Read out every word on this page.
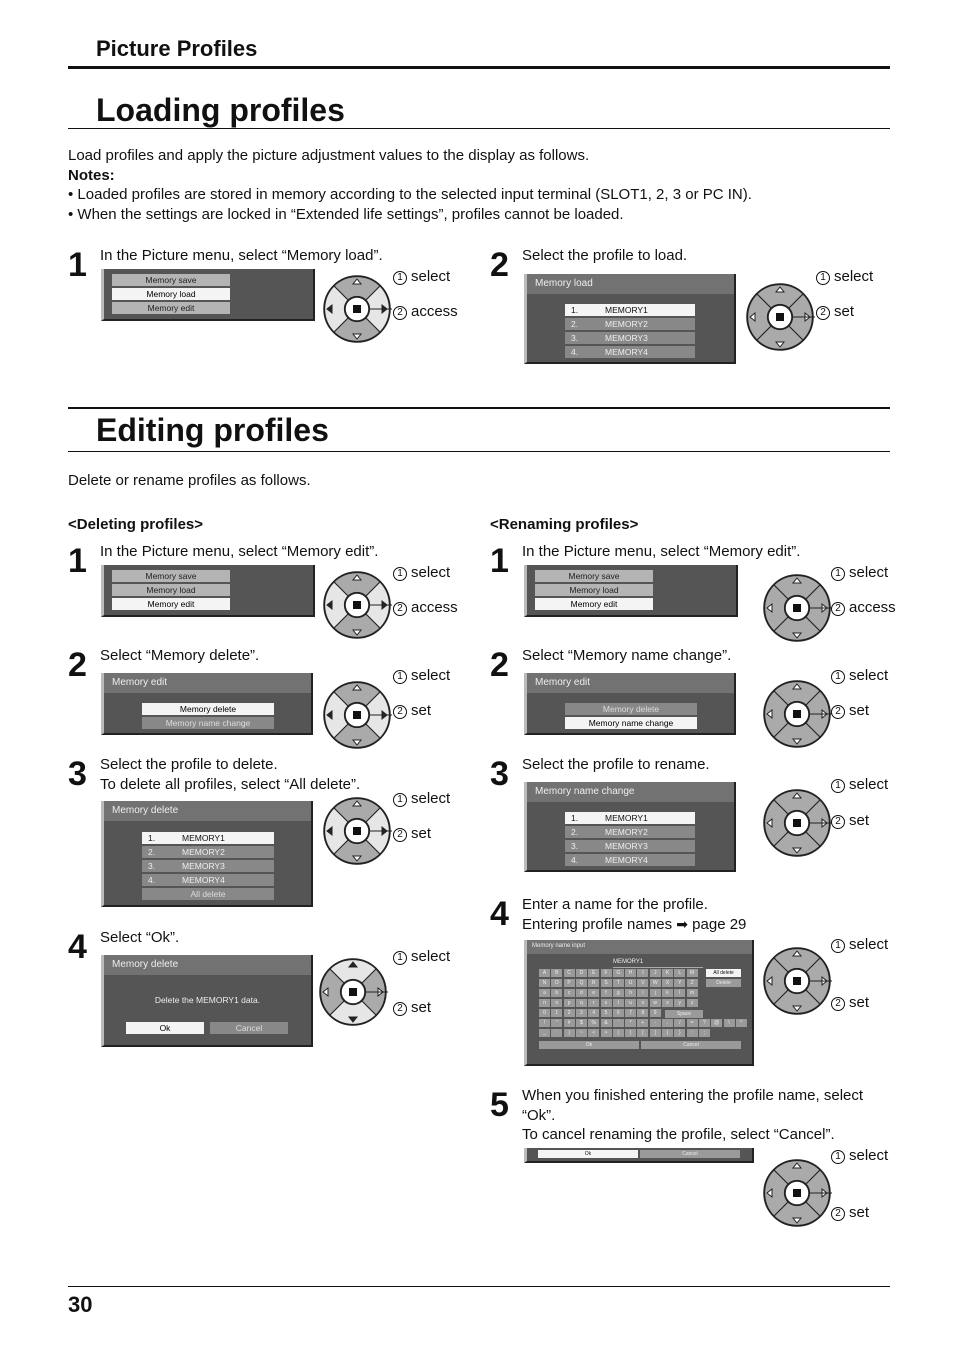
Picture Profiles
Loading profiles
Load profiles and apply the picture adjustment values to the display as follows.
Notes:
• Loaded profiles are stored in memory according to the selected input terminal (SLOT1, 2, 3 or PC IN).
• When the settings are locked in “Extended life settings”, profiles cannot be loaded.
1 In the Picture menu, select “Memory load”.
Memory save
Memory load
Memory edit
1 select
2 access
2 Select the profile to load.
Memory load
1.	MEMORY1
2.	MEMORY2
3.	MEMORY3
4.	MEMORY4
1 select
2 set
Editing profiles
Delete or rename profiles as follows.
<Deleting profiles>	<Renaming profiles>
1 In the Picture menu, select “Memory edit”.
Memory save
Memory load
Memory edit
1 select
2 access
2 Select “Memory delete”.
Memory edit
Memory delete
Memory name change
1 select
2 set
3 Select the profile to delete.
To delete all profiles, select “All delete”.
Memory delete
1.	MEMORY1
2.	MEMORY2
3.	MEMORY3
4.	MEMORY4
All delete
1 select
2 set
4 Select “Ok”.
Memory delete
Delete the MEMORY1 data.
Ok	Cancel
1 select
2 set
1 In the Picture menu, select “Memory edit”.
Memory save
Memory load
Memory edit
1 select
2 access
2 Select “Memory name change”.
Memory edit
Memory delete
Memory name change
1 select
2 set
3 Select the profile to rename.
Memory name change
1.	MEMORY1
2.	MEMORY2
3.	MEMORY3
4.	MEMORY4
1 select
2 set
4 Enter a name for the profile.
Entering profile names ➡ page 29
Memory name input
MEMORY1
A	B	C	D	E	F	G	H	I	J	K	L	M
N	O	P	Q	R	S	T	U	V	W	X	Y	Z
a	b	c	d	e	f	g	h	i	j	k	l	m
n	o	p	q	r	s	t	u	v	w	x	y	z
0	1	2	3	4	5	6	7	8	9
!	"	#	$	%	&	'	*	+	-	.	/	=	?	@	\	^
_	`	|	~	<	>	(	)	[	]	{	}	:	;
All delete
Delete
Space
Ok	Cancel
1 select
2 set
5 When you finished entering the profile name, select
“Ok”.
To cancel renaming the profile, select “Cancel”.
Ok	Cancel	1 select
2 set
30
